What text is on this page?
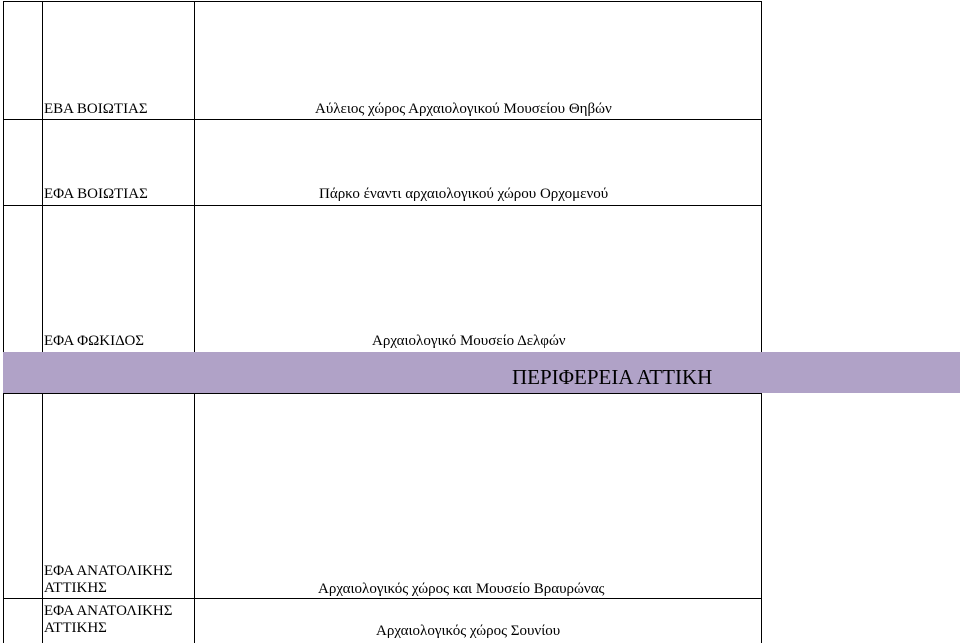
ΕΒΑ ΒΟΙΩΤΙΑΣ	Αύλειος χώρος Αρχαιολογικού Μουσείου Θηβών
ΕΦΑ ΒΟΙΩΤΙΑΣ	Πάρκο έναντι αρχαιολογικού χώρου Ορχομενού
ΕΦΑ ΦΩΚΙΔΟΣ	Αρχαιολογικό Μουσείο Δελφών
ΠΕΡΙΦΕΡΕΙΑ ΑΤΤΙΚΗ
ΕΦΑ ΑΝΑΤΟΛΙΚΗΣ ΑΤΤΙΚΗΣ	Αρχαιολογικός χώρος και Μουσείο Βραυρώνας
ΕΦΑ ΑΝΑΤΟΛΙΚΗΣ ΑΤΤΙΚΗΣ	Αρχαιολογικός χώρος Σουνίου
